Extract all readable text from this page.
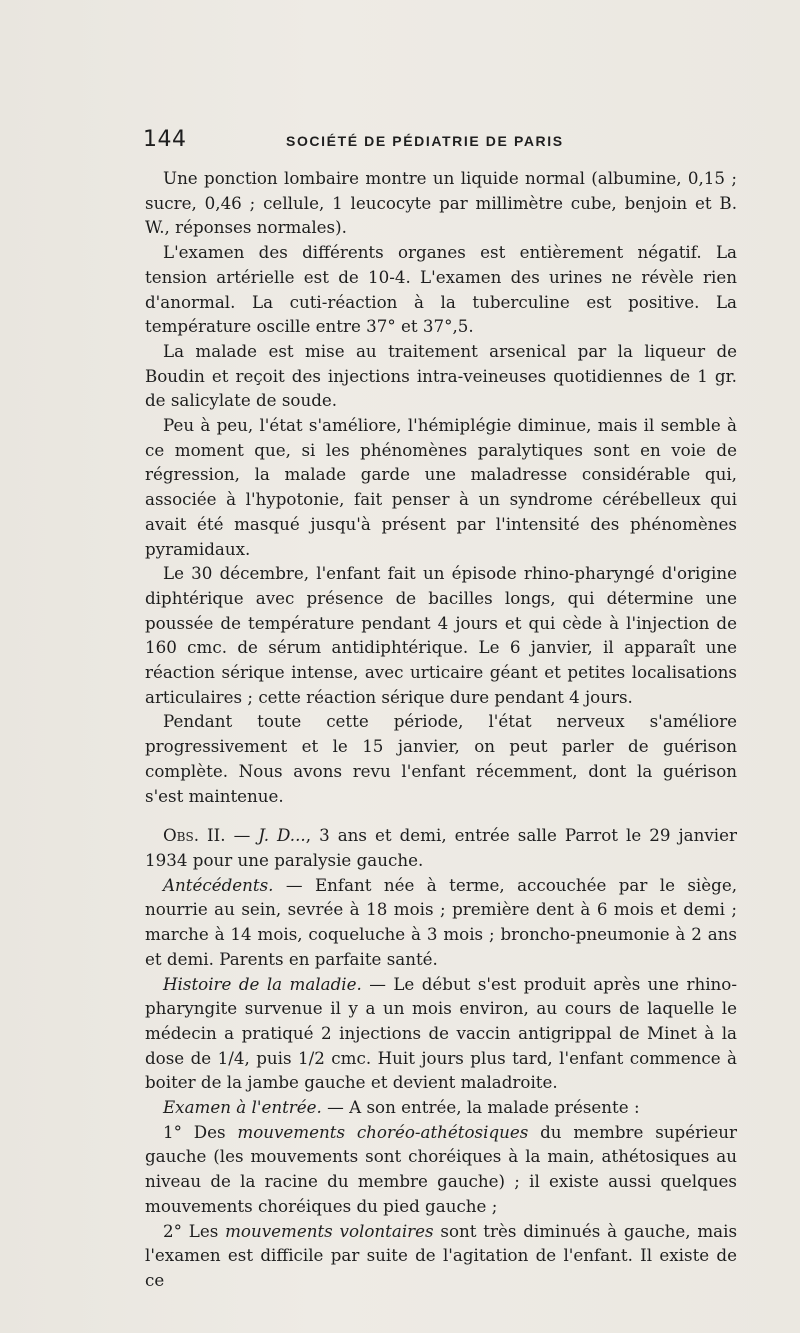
144	SOCIÉTÉ DE PÉDIATRIE DE PARIS

Une ponction lombaire montre un liquide normal (albumine, 0,15 ; sucre, 0,46 ; cellule, 1 leucocyte par millimètre cube, benjoin et B. W., réponses normales).

L'examen des différents organes est entièrement négatif. La tension artérielle est de 10-4. L'examen des urines ne révèle rien d'anormal. La cuti-réaction à la tuberculine est positive. La température oscille entre 37° et 37°,5.

La malade est mise au traitement arsenical par la liqueur de Boudin et reçoit des injections intra-veineuses quotidiennes de 1 gr. de salicylate de soude.

Peu à peu, l'état s'améliore, l'hémiplégie diminue, mais il semble à ce moment que, si les phénomènes paralytiques sont en voie de régression, la malade garde une maladresse considérable qui, associée à l'hypotonie, fait penser à un syndrome cérébelleux qui avait été masqué jusqu'à présent par l'intensité des phénomènes pyramidaux.

Le 30 décembre, l'enfant fait un épisode rhino-pharyngé d'origine diphtérique avec présence de bacilles longs, qui détermine une poussée de température pendant 4 jours et qui cède à l'injection de 160 cmc. de sérum antidiphtérique. Le 6 janvier, il apparaît une réaction sérique intense, avec urticaire géant et petites localisations articulaires ; cette réaction sérique dure pendant 4 jours.

Pendant toute cette période, l'état nerveux s'améliore progressivement et le 15 janvier, on peut parler de guérison complète. Nous avons revu l'enfant récemment, dont la guérison s'est maintenue.

Obs. II. — J. D..., 3 ans et demi, entrée salle Parrot le 29 janvier 1934 pour une paralysie gauche.

Antécédents. — Enfant née à terme, accouchée par le siège, nourrie au sein, sevrée à 18 mois ; première dent à 6 mois et demi ; marche à 14 mois, coqueluche à 3 mois ; broncho-pneumonie à 2 ans et demi. Parents en parfaite santé.

Histoire de la maladie. — Le début s'est produit après une rhino-pharyngite survenue il y a un mois environ, au cours de laquelle le médecin a pratiqué 2 injections de vaccin antigrippal de Minet à la dose de 1/4, puis 1/2 cmc. Huit jours plus tard, l'enfant commence à boiter de la jambe gauche et devient maladroite.

Examen à l'entrée. — A son entrée, la malade présente :

1° Des mouvements choréo-athétosiques du membre supérieur gauche (les mouvements sont choréiques à la main, athétosiques au niveau de la racine du membre gauche) ; il existe aussi quelques mouvements choréiques du pied gauche ;

2° Les mouvements volontaires sont très diminués à gauche, mais l'examen est difficile par suite de l'agitation de l'enfant. Il existe de ce
